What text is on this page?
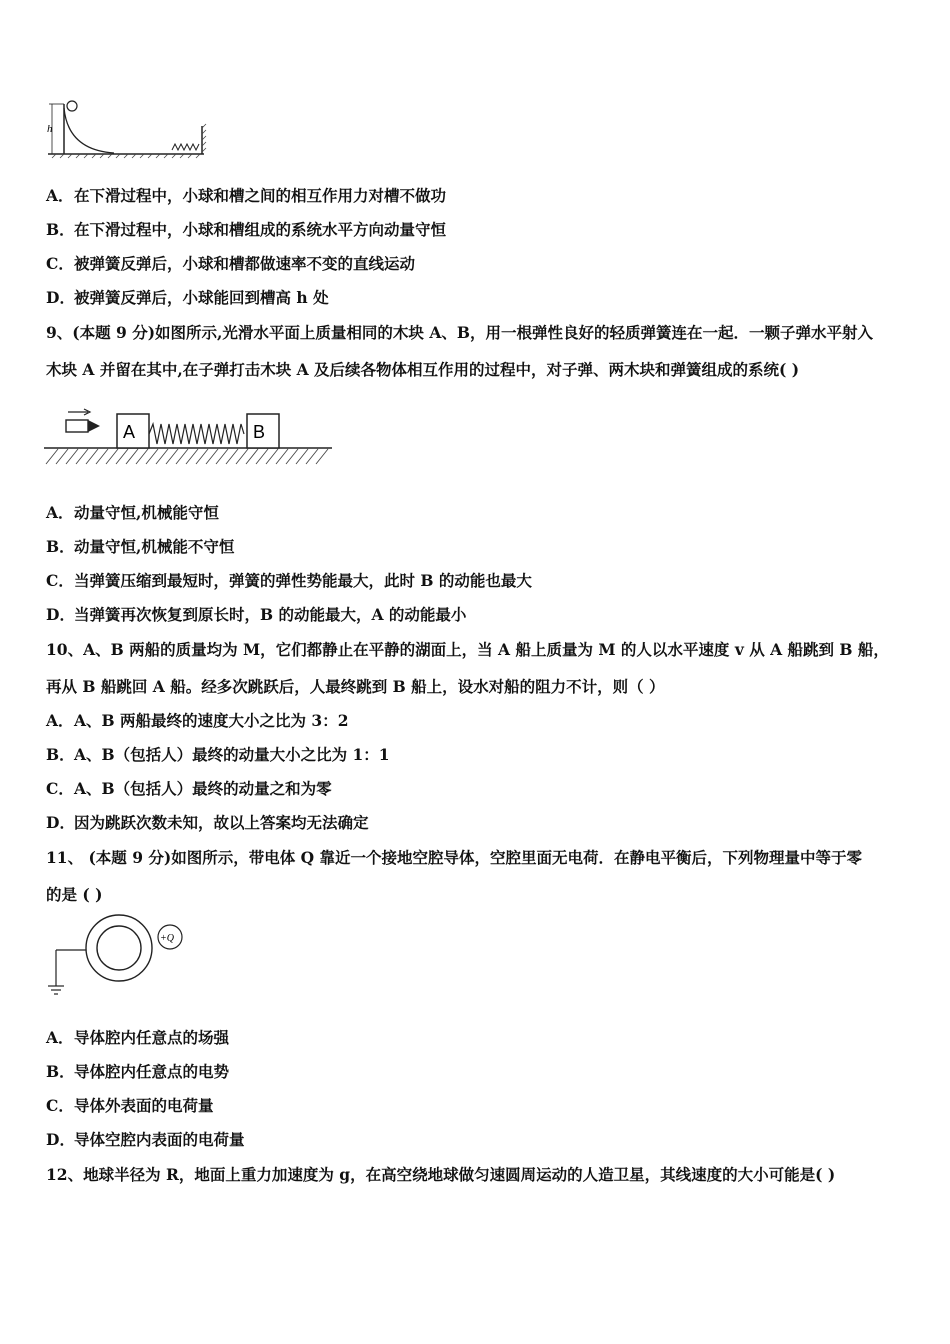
h
A．在下滑过程中，小球和槽之间的相互作用力对槽不做功
B．在下滑过程中，小球和槽组成的系统水平方向动量守恒
C．被弹簧反弹后，小球和槽都做速率不变的直线运动
D．被弹簧反弹后，小球能回到槽高 h 处
9、(本题 9 分)如图所示,光滑水平面上质量相同的木块 A、B，用一根弹性良好的轻质弹簧连在一起．一颗子弹水平射入
木块 A 并留在其中,在子弹打击木块 A 及后续各物体相互作用的过程中，对子弹、两木块和弹簧组成的系统( )
A	B
A．动量守恒,机械能守恒
B．动量守恒,机械能不守恒
C．当弹簧压缩到最短时，弹簧的弹性势能最大，此时 B 的动能也最大
D．当弹簧再次恢复到原长时，B 的动能最大，A 的动能最小
10、A、B 两船的质量均为 M，它们都静止在平静的湖面上，当 A 船上质量为 M 的人以水平速度 v 从 A 船跳到 B 船，
再从 B 船跳回 A 船。经多次跳跃后，人最终跳到 B 船上，设水对船的阻力不计，则（ ）
A．A、B 两船最终的速度大小之比为 3：2
B．A、B（包括人）最终的动量大小之比为 1：1
C．A、B（包括人）最终的动量之和为零
D．因为跳跃次数未知，故以上答案均无法确定
11、 (本题 9 分)如图所示，带电体 Q 靠近一个接地空腔导体，空腔里面无电荷．在静电平衡后，下列物理量中等于零
的是 ( )
+Q
A．导体腔内任意点的场强
B．导体腔内任意点的电势
C．导体外表面的电荷量
D．导体空腔内表面的电荷量
12、地球半径为 R，地面上重力加速度为 g，在高空绕地球做匀速圆周运动的人造卫星，其线速度的大小可能是( )
